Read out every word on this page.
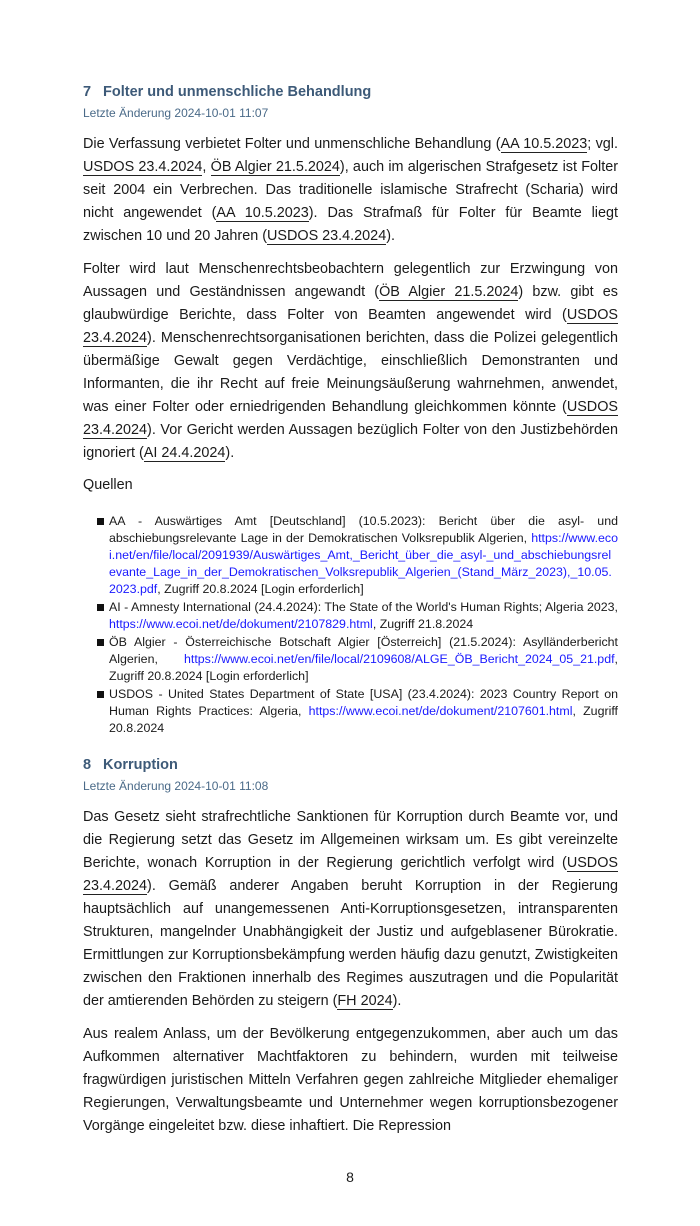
7 Folter und unmenschliche Behandlung
Letzte Änderung 2024-10-01 11:07

Die Verfassung verbietet Folter und unmenschliche Behandlung (AA 10.5.2023; vgl. USDOS 23.4.2024, ÖB Algier 21.5.2024), auch im algerischen Strafgesetz ist Folter seit 2004 ein Verbrechen. Das traditionelle islamische Strafrecht (Scharia) wird nicht angewendet (AA 10.5.2023). Das Strafmaß für Folter für Beamte liegt zwischen 10 und 20 Jahren (USDOS 23.4.2024).

Folter wird laut Menschenrechtsbeobachtern gelegentlich zur Erzwingung von Aussagen und Geständnissen angewandt (ÖB Algier 21.5.2024) bzw. gibt es glaubwürdige Berichte, dass Folter von Beamten angewendet wird (USDOS 23.4.2024). Menschenrechtsorganisationen berichten, dass die Polizei gelegentlich übermäßige Gewalt gegen Verdächtige, einschließlich Demonstranten und Informanten, die ihr Recht auf freie Meinungsäußerung wahrnehmen, anwendet, was einer Folter oder erniedrigenden Behandlung gleichkommen könnte (USDOS 23.4.2024). Vor Gericht werden Aussagen bezüglich Folter von den Justizbehörden ignoriert (AI 24.4.2024).

Quellen
AA - Auswärtiges Amt [Deutschland] (10.5.2023): Bericht über die asyl- und abschiebungsrelevante Lage in der Demokratischen Volksrepublik Algerien, https://www.ecoi.net/en/file/local/2091939/Auswärtiges_Amt,_Bericht_über_die_asyl-_und_abschiebungsrelevante_Lage_in_der_Demokratischen_Volksrepublik_Algerien_(Stand_März_2023),_10.05.2023.pdf, Zugriff 20.8.2024 [Login erforderlich]
AI - Amnesty International (24.4.2024): The State of the World's Human Rights; Algeria 2023, https://www.ecoi.net/de/dokument/2107829.html, Zugriff 21.8.2024
ÖB Algier - Österreichische Botschaft Algier [Österreich] (21.5.2024): Asylländerbericht Algerien, https://www.ecoi.net/en/file/local/2109608/ALGE_ÖB_Bericht_2024_05_21.pdf, Zugriff 20.8.2024 [Login erforderlich]
USDOS - United States Department of State [USA] (23.4.2024): 2023 Country Report on Human Rights Practices: Algeria, https://www.ecoi.net/de/dokument/2107601.html, Zugriff 20.8.2024
8 Korruption
Letzte Änderung 2024-10-01 11:08

Das Gesetz sieht strafrechtliche Sanktionen für Korruption durch Beamte vor, und die Regierung setzt das Gesetz im Allgemeinen wirksam um. Es gibt vereinzelte Berichte, wonach Korruption in der Regierung gerichtlich verfolgt wird (USDOS 23.4.2024). Gemäß anderer Angaben beruht Korruption in der Regierung hauptsächlich auf unangemessenen Anti-Korruptionsgesetzen, intransparenten Strukturen, mangelnder Unabhängigkeit der Justiz und aufgeblasener Bürokratie. Ermittlungen zur Korruptionsbekämpfung werden häufig dazu genutzt, Zwistigkeiten zwischen den Fraktionen innerhalb des Regimes auszutragen und die Popularität der amtierenden Behörden zu steigern (FH 2024).

Aus realem Anlass, um der Bevölkerung entgegenzukommen, aber auch um das Aufkommen alternativer Machtfaktoren zu behindern, wurden mit teilweise fragwürdigen juristischen Mitteln Verfahren gegen zahlreiche Mitglieder ehemaliger Regierungen, Verwaltungsbeamte und Unternehmer wegen korruptionsbezogener Vorgänge eingeleitet bzw. diese inhaftiert. Die Repression

8
